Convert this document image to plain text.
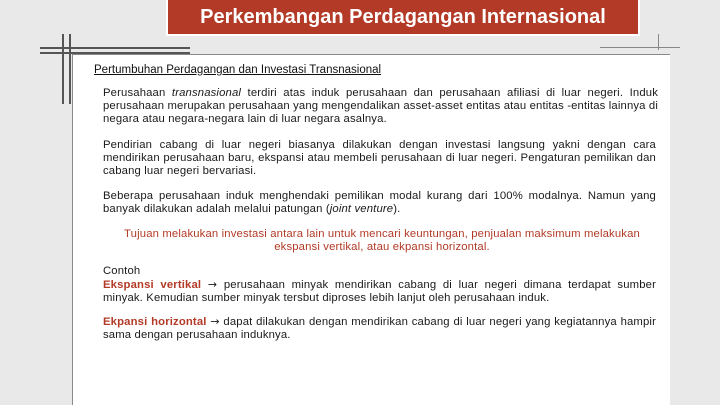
Perkembangan Perdagangan Internasional
Pertumbuhan Perdagangan dan Investasi Transnasional

Perusahaan transnasional terdiri atas induk perusahaan dan perusahaan afiliasi di luar negeri. Induk perusahaan merupakan perusahaan yang mengendalikan asset-asset entitas atau entitas -entitas lainnya di negara atau negara-negara lain di luar negara asalnya.

Pendirian cabang di luar negeri biasanya dilakukan dengan investasi langsung yakni dengan cara mendirikan perusahaan baru, ekspansi atau membeli perusahaan di luar negeri. Pengaturan pemilikan dan cabang luar negeri bervariasi.

Beberapa perusahaan induk menghendaki pemilikan modal kurang dari 100% modalnya. Namun yang banyak dilakukan adalah melalui patungan (joint venture).

Tujuan melakukan investasi antara lain untuk mencari keuntungan, penjualan maksimum melakukan ekspansi vertikal, atau ekpansi horizontal.

Contoh
Ekspansi vertikal → perusahaan minyak mendirikan cabang di luar negeri dimana terdapat sumber minyak. Kemudian sumber minyak tersbut diproses lebih lanjut oleh perusahaan induk.

Ekpansi horizontal → dapat dilakukan dengan mendirikan cabang di luar negeri yang kegiatannya hampir sama dengan perusahaan induknya.
